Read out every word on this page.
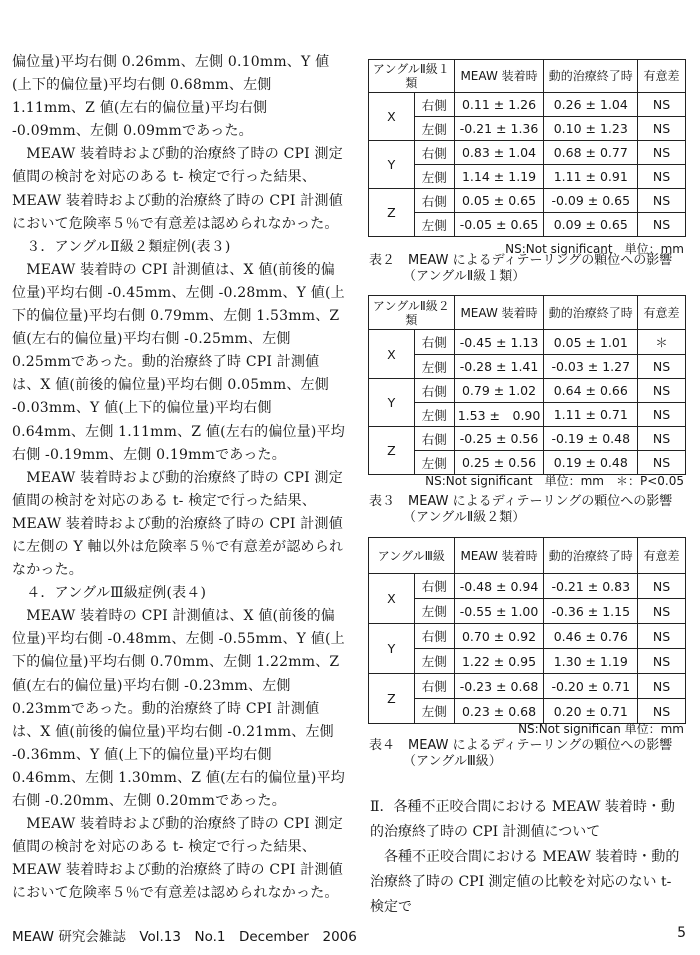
偏位量)平均右側 0.26mm、左側 0.10mm、Y 値(上下的偏位量)平均右側 0.68mm、左側 1.11mm、Z 値(左右的偏位量)平均右側 -0.09mm、左側 0.09mmであった。

　MEAW 装着時および動的治療終了時の CPI 測定値間の検討を対応のある t- 検定で行った結果、MEAW 装着時および動的治療終了時の CPI 計測値において危険率５％で有意差は認められなかった。

　３．アングルⅡ級２類症例(表３)

　MEAW 装着時の CPI 計測値は、X 値(前後的偏位量)平均右側 -0.45mm、左側 -0.28mm、Y 値(上下的偏位量)平均右側 0.79mm、左側 1.53mm、Z 値(左右的偏位量)平均右側 -0.25mm、左側 0.25mmであった。動的治療終了時 CPI 計測値は、X 値(前後的偏位量)平均右側 0.05mm、左側 -0.03mm、Y 値(上下的偏位量)平均右側 0.64mm、左側 1.11mm、Z 値(左右的偏位量)平均右側 -0.19mm、左側 0.19mmであった。

　MEAW 装着時および動的治療終了時の CPI 測定値間の検討を対応のある t- 検定で行った結果、MEAW 装着時および動的治療終了時の CPI 計測値に左側の Y 軸以外は危険率５％で有意差が認められなかった。

　４．アングルⅢ級症例(表４)

　MEAW 装着時の CPI 計測値は、X 値(前後的偏位量)平均右側 -0.48mm、左側 -0.55mm、Y 値(上下的偏位量)平均右側 0.70mm、左側 1.22mm、Z 値(左右的偏位量)平均右側 -0.23mm、左側 0.23mmであった。動的治療終了時 CPI 計測値は、X 値(前後的偏位量)平均右側 -0.21mm、左側 -0.36mm、Y 値(上下的偏位量)平均右側 0.46mm、左側 1.30mm、Z 値(左右的偏位量)平均右側 -0.20mm、左側 0.20mmであった。

　MEAW 装着時および動的治療終了時の CPI 測定値間の検討を対応のある t- 検定で行った結果、MEAW 装着時および動的治療終了時の CPI 計測値において危険率５％で有意差は認められなかった。

アングルⅡ級１類		MEAW 装着時	動的治療終了時	有意差
X	右側	0.11 ± 1.26	0.26 ± 1.04	NS
	左側	-0.21 ± 1.36	0.10 ± 1.23	NS
Y	右側	0.83 ± 1.04	0.68 ± 0.77	NS
	左側	1.14 ± 1.19	1.11 ± 0.91	NS
Z	右側	0.05 ± 0.65	-0.09 ± 0.65	NS
	左側	-0.05 ± 0.65	0.09 ± 0.65	NS
NS:Not significant　単位：mm
表２　MEAW によるディテーリングの顆位への影響
（アングルⅡ級１類）
アングルⅡ級２類		MEAW 装着時	動的治療終了時	有意差
X	右側	-0.45 ± 1.13	0.05 ± 1.01	＊
	左側	-0.28 ± 1.41	-0.03 ± 1.27	NS
Y	右側	0.79 ± 1.02	0.64 ± 0.66	NS
	左側	1.53 ±　0.90	1.11 ± 0.71	NS
Z	右側	-0.25 ± 0.56	-0.19 ± 0.48	NS
	左側	0.25 ± 0.56	0.19 ± 0.48	NS
NS:Not significant　単位：mm　＊：P<0.05
表３　MEAW によるディテーリングの顆位への影響
（アングルⅡ級２類）
アングルⅢ級		MEAW 装着時	動的治療終了時	有意差
X	右側	-0.48 ± 0.94	-0.21 ± 0.83	NS
	左側	-0.55 ± 1.00	-0.36 ± 1.15	NS
Y	右側	0.70 ± 0.92	0.46 ± 0.76	NS
	左側	1.22 ± 0.95	1.30 ± 1.19	NS
Z	右側	-0.23 ± 0.68	-0.20 ± 0.71	NS
	左側	0.23 ± 0.68	0.20 ± 0.71	NS
NS:Not significan 単位：mm
表４　MEAW によるディテーリングの顆位への影響
（アングルⅢ級）

Ⅱ．各種不正咬合間における MEAW 装着時・動的治療終了時の CPI 計測値について

　各種不正咬合間における MEAW 装着時・動的治療終了時の CPI 測定値の比較を対応のない t- 検定で

MEAW 研究会雑誌　Vol.13　No.1　December　2006	5
